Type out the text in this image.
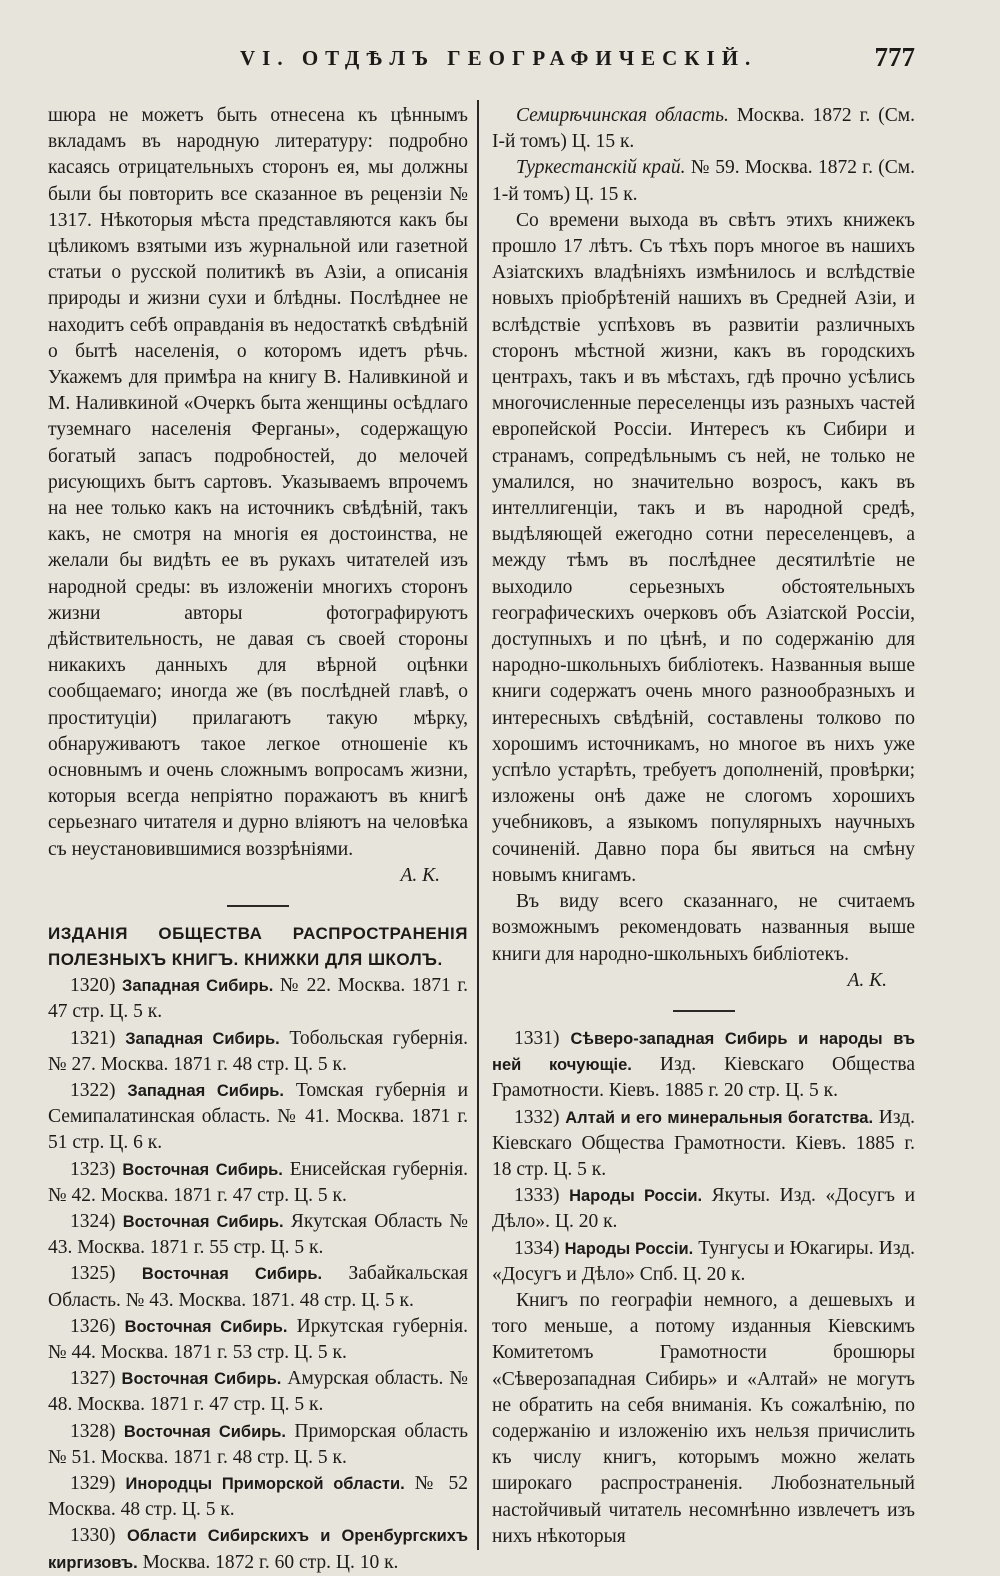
VI. ОТДѢЛЪ ГЕОГРАФИЧЕСКІЙ.	777

шюра не можетъ быть отнесена къ цѣннымъ вкладамъ въ народную литературу: подробно касаясь отрицательныхъ сторонъ ея, мы должны были бы повторить все сказанное въ рецензіи № 1317. Нѣкоторыя мѣста представляются какъ бы цѣликомъ взятыми изъ журнальной или газетной статьи о русской политикѣ въ Азіи, а описанія природы и жизни сухи и блѣдны. Послѣднее не находитъ себѣ оправданія въ недостаткѣ свѣдѣній о бытѣ населенія, о которомъ идетъ рѣчь. Укажемъ для примѣра на книгу В. Наливкиной и М. Наливкиной «Очеркъ быта женщины осѣдлаго туземнаго населенія Ферганы», содержащую богатый запасъ подробностей, до мелочей рисующихъ бытъ сартовъ. Указываемъ впрочемъ на нее только какъ на источникъ свѣдѣній, такъ какъ, не смотря на многія ея достоинства, не желали бы видѣть ее въ рукахъ читателей изъ народной среды: въ изложеніи многихъ сторонъ жизни авторы фотографируютъ дѣйствительность, не давая съ своей стороны никакихъ данныхъ для вѣрной оцѣнки сообщаемаго; иногда же (въ послѣдней главѣ, о проституціи) прилагаютъ такую мѣрку, обнаруживаютъ такое легкое отношеніе къ основнымъ и очень сложнымъ вопросамъ жизни, которыя всегда непріятно поражаютъ въ книгѣ серьезнаго читателя и дурно вліяютъ на человѣка съ неустановившимися воззрѣніями.

А. К.

ИЗДАНІЯ ОБЩЕСТВА РАСПРОСТРАНЕНІЯ ПОЛЕЗНЫХЪ КНИГЪ. КНИЖКИ ДЛЯ ШКОЛЪ.

1320) Западная Сибирь. № 22. Москва. 1871 г. 47 стр. Ц. 5 к.

1321) Западная Сибирь. Тобольская губернія. № 27. Москва. 1871 г. 48 стр. Ц. 5 к.

1322) Западная Сибирь. Томская губернія и Семипалатинская область. № 41. Москва. 1871 г. 51 стр. Ц. 6 к.

1323) Восточная Сибирь. Енисейская губернія. № 42. Москва. 1871 г. 47 стр. Ц. 5 к.

1324) Восточная Сибирь. Якутская Область № 43. Москва. 1871 г. 55 стр. Ц. 5 к.

1325) Восточная Сибирь. Забайкальская Область. № 43. Москва. 1871. 48 стр. Ц. 5 к.

1326) Восточная Сибирь. Иркутская губернія. № 44. Москва. 1871 г. 53 стр. Ц. 5 к.

1327) Восточная Сибирь. Амурская область. № 48. Москва. 1871 г. 47 стр. Ц. 5 к.

1328) Восточная Сибирь. Приморская область № 51. Москва. 1871 г. 48 стр. Ц. 5 к.

1329) Инородцы Приморской области. № 52 Москва. 48 стр. Ц. 5 к.

1330) Области Сибирскихъ и Оренбургскихъ киргизовъ. Москва. 1872 г. 60 стр. Ц. 10 к.

Семирѣчинская область. Москва. 1872 г. (См. I-й томъ) Ц. 15 к.

Туркестанскій край. № 59. Москва. 1872 г. (См. 1-й томъ) Ц. 15 к.

Со времени выхода въ свѣтъ этихъ книжекъ прошло 17 лѣтъ. Съ тѣхъ поръ многое въ нашихъ Азіатскихъ владѣніяхъ измѣнилось и вслѣдствіе новыхъ пріобрѣтеній нашихъ въ Средней Азіи, и вслѣдствіе успѣховъ въ развитіи различныхъ сторонъ мѣстной жизни, какъ въ городскихъ центрахъ, такъ и въ мѣстахъ, гдѣ прочно усѣлись многочисленные переселенцы изъ разныхъ частей европейской Россіи. Интересъ къ Сибири и странамъ, сопредѣльнымъ съ ней, не только не умалился, но значительно возросъ, какъ въ интеллигенціи, такъ и въ народной средѣ, выдѣляющей ежегодно сотни переселенцевъ, а между тѣмъ въ послѣднее десятилѣтіе не выходило серьезныхъ обстоятельныхъ географическихъ очерковъ объ Азіатской Россіи, доступныхъ и по цѣнѣ, и по содержанію для народно-школьныхъ библіотекъ. Названныя выше книги содержатъ очень много разнообразныхъ и интересныхъ свѣдѣній, составлены толково по хорошимъ источникамъ, но многое въ нихъ уже успѣло устарѣть, требуетъ дополненій, провѣрки; изложены онѣ даже не слогомъ хорошихъ учебниковъ, а языкомъ популярныхъ научныхъ сочиненій. Давно пора бы явиться на смѣну новымъ книгамъ.

Въ виду всего сказаннаго, не считаемъ возможнымъ рекомендовать названныя выше книги для народно-школьныхъ библіотекъ.

А. К.

1331) Сѣверо-западная Сибирь и народы въ ней кочующіе. Изд. Кіевскаго Общества Грамотности. Кіевъ. 1885 г. 20 стр. Ц. 5 к.

1332) Алтай и его минеральныя богатства. Изд. Кіевскаго Общества Грамотности. Кіевъ. 1885 г. 18 стр. Ц. 5 к.

1333) Народы Россіи. Якуты. Изд. «Досугъ и Дѣло». Ц. 20 к.

1334) Народы Россіи. Тунгусы и Юкагиры. Изд. «Досугъ и Дѣло» Спб. Ц. 20 к.

Книгъ по географіи немного, а дешевыхъ и того меньше, а потому изданныя Кіевскимъ Комитетомъ Грамотности брошюры «Сѣверозападная Сибирь» и «Алтай» не могутъ не обратить на себя вниманія. Къ сожалѣнію, по содержанію и изложенію ихъ нельзя причислить къ числу книгъ, которымъ можно желать широкаго распространенія. Любознательный настойчивый читатель несомнѣнно извлечетъ изъ нихъ нѣкоторыя
